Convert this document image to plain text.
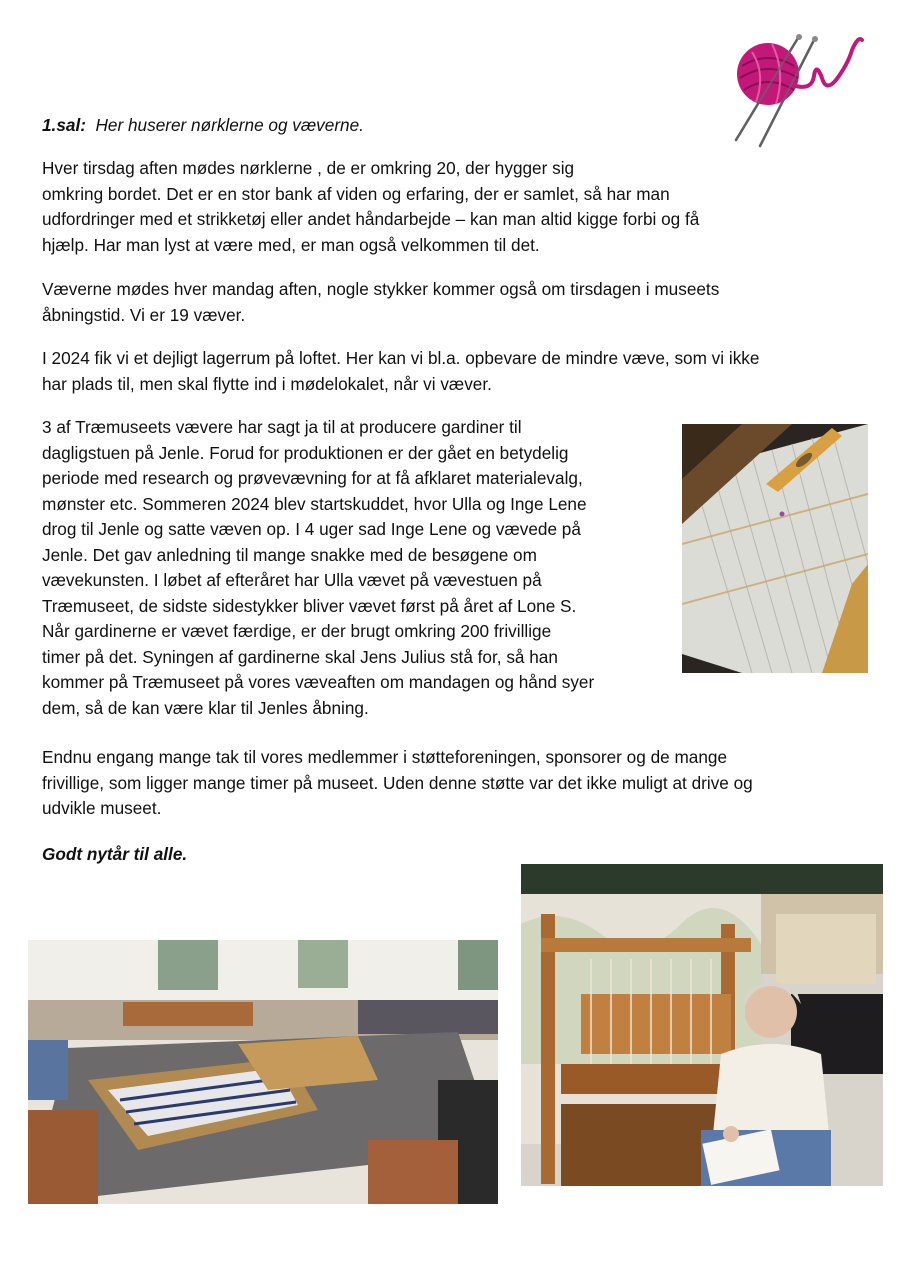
1.sal: Her huserer nørklerne og væverne.

Hver tirsdag aften mødes nørklerne , de er omkring 20, der hygger sig
omkring bordet. Det er en stor bank af viden og erfaring, der er samlet, så har man
udfordringer med et strikketøj eller andet håndarbejde – kan man altid kigge forbi og få
hjælp. Har man lyst at være med, er man også velkommen til det.
Væverne mødes hver mandag aften, nogle stykker kommer også om tirsdagen i museets
åbningstid. Vi er 19 væver.
I 2024 fik vi et dejligt lagerrum på loftet. Her kan vi bl.a. opbevare de mindre væve, som vi ikke
har plads til, men skal flytte ind i mødelokalet, når vi væver.
3 af Træmuseets vævere har sagt ja til at producere gardiner til
dagligstuen på Jenle. Forud for produktionen er der gået en betydelig
periode med research og prøvevævning for at få afklaret materialevalg,
mønster etc. Sommeren 2024 blev startskuddet, hvor Ulla og Inge Lene
drog til Jenle og satte væven op. I 4 uger sad Inge Lene og vævede på
Jenle. Det gav anledning til mange snakke med de besøgene om
vævekunsten. I løbet af efteråret har Ulla vævet på vævestuen på
Træmuseet, de sidste sidestykker bliver vævet først på året af Lone S.
Når gardinerne er vævet færdige, er der brugt omkring 200 frivillige
timer på det. Syningen af gardinerne skal Jens Julius stå for, så han
kommer på Træmuseet på vores væveaften om mandagen og hånd syer
dem, så de kan være klar til Jenles åbning.
Endnu engang mange tak til vores medlemmer i støtteforeningen, sponsorer og de mange
frivillige, som ligger mange timer på museet. Uden denne støtte var det ikke muligt at drive og
udvikle museet.

Godt nytår til alle.
